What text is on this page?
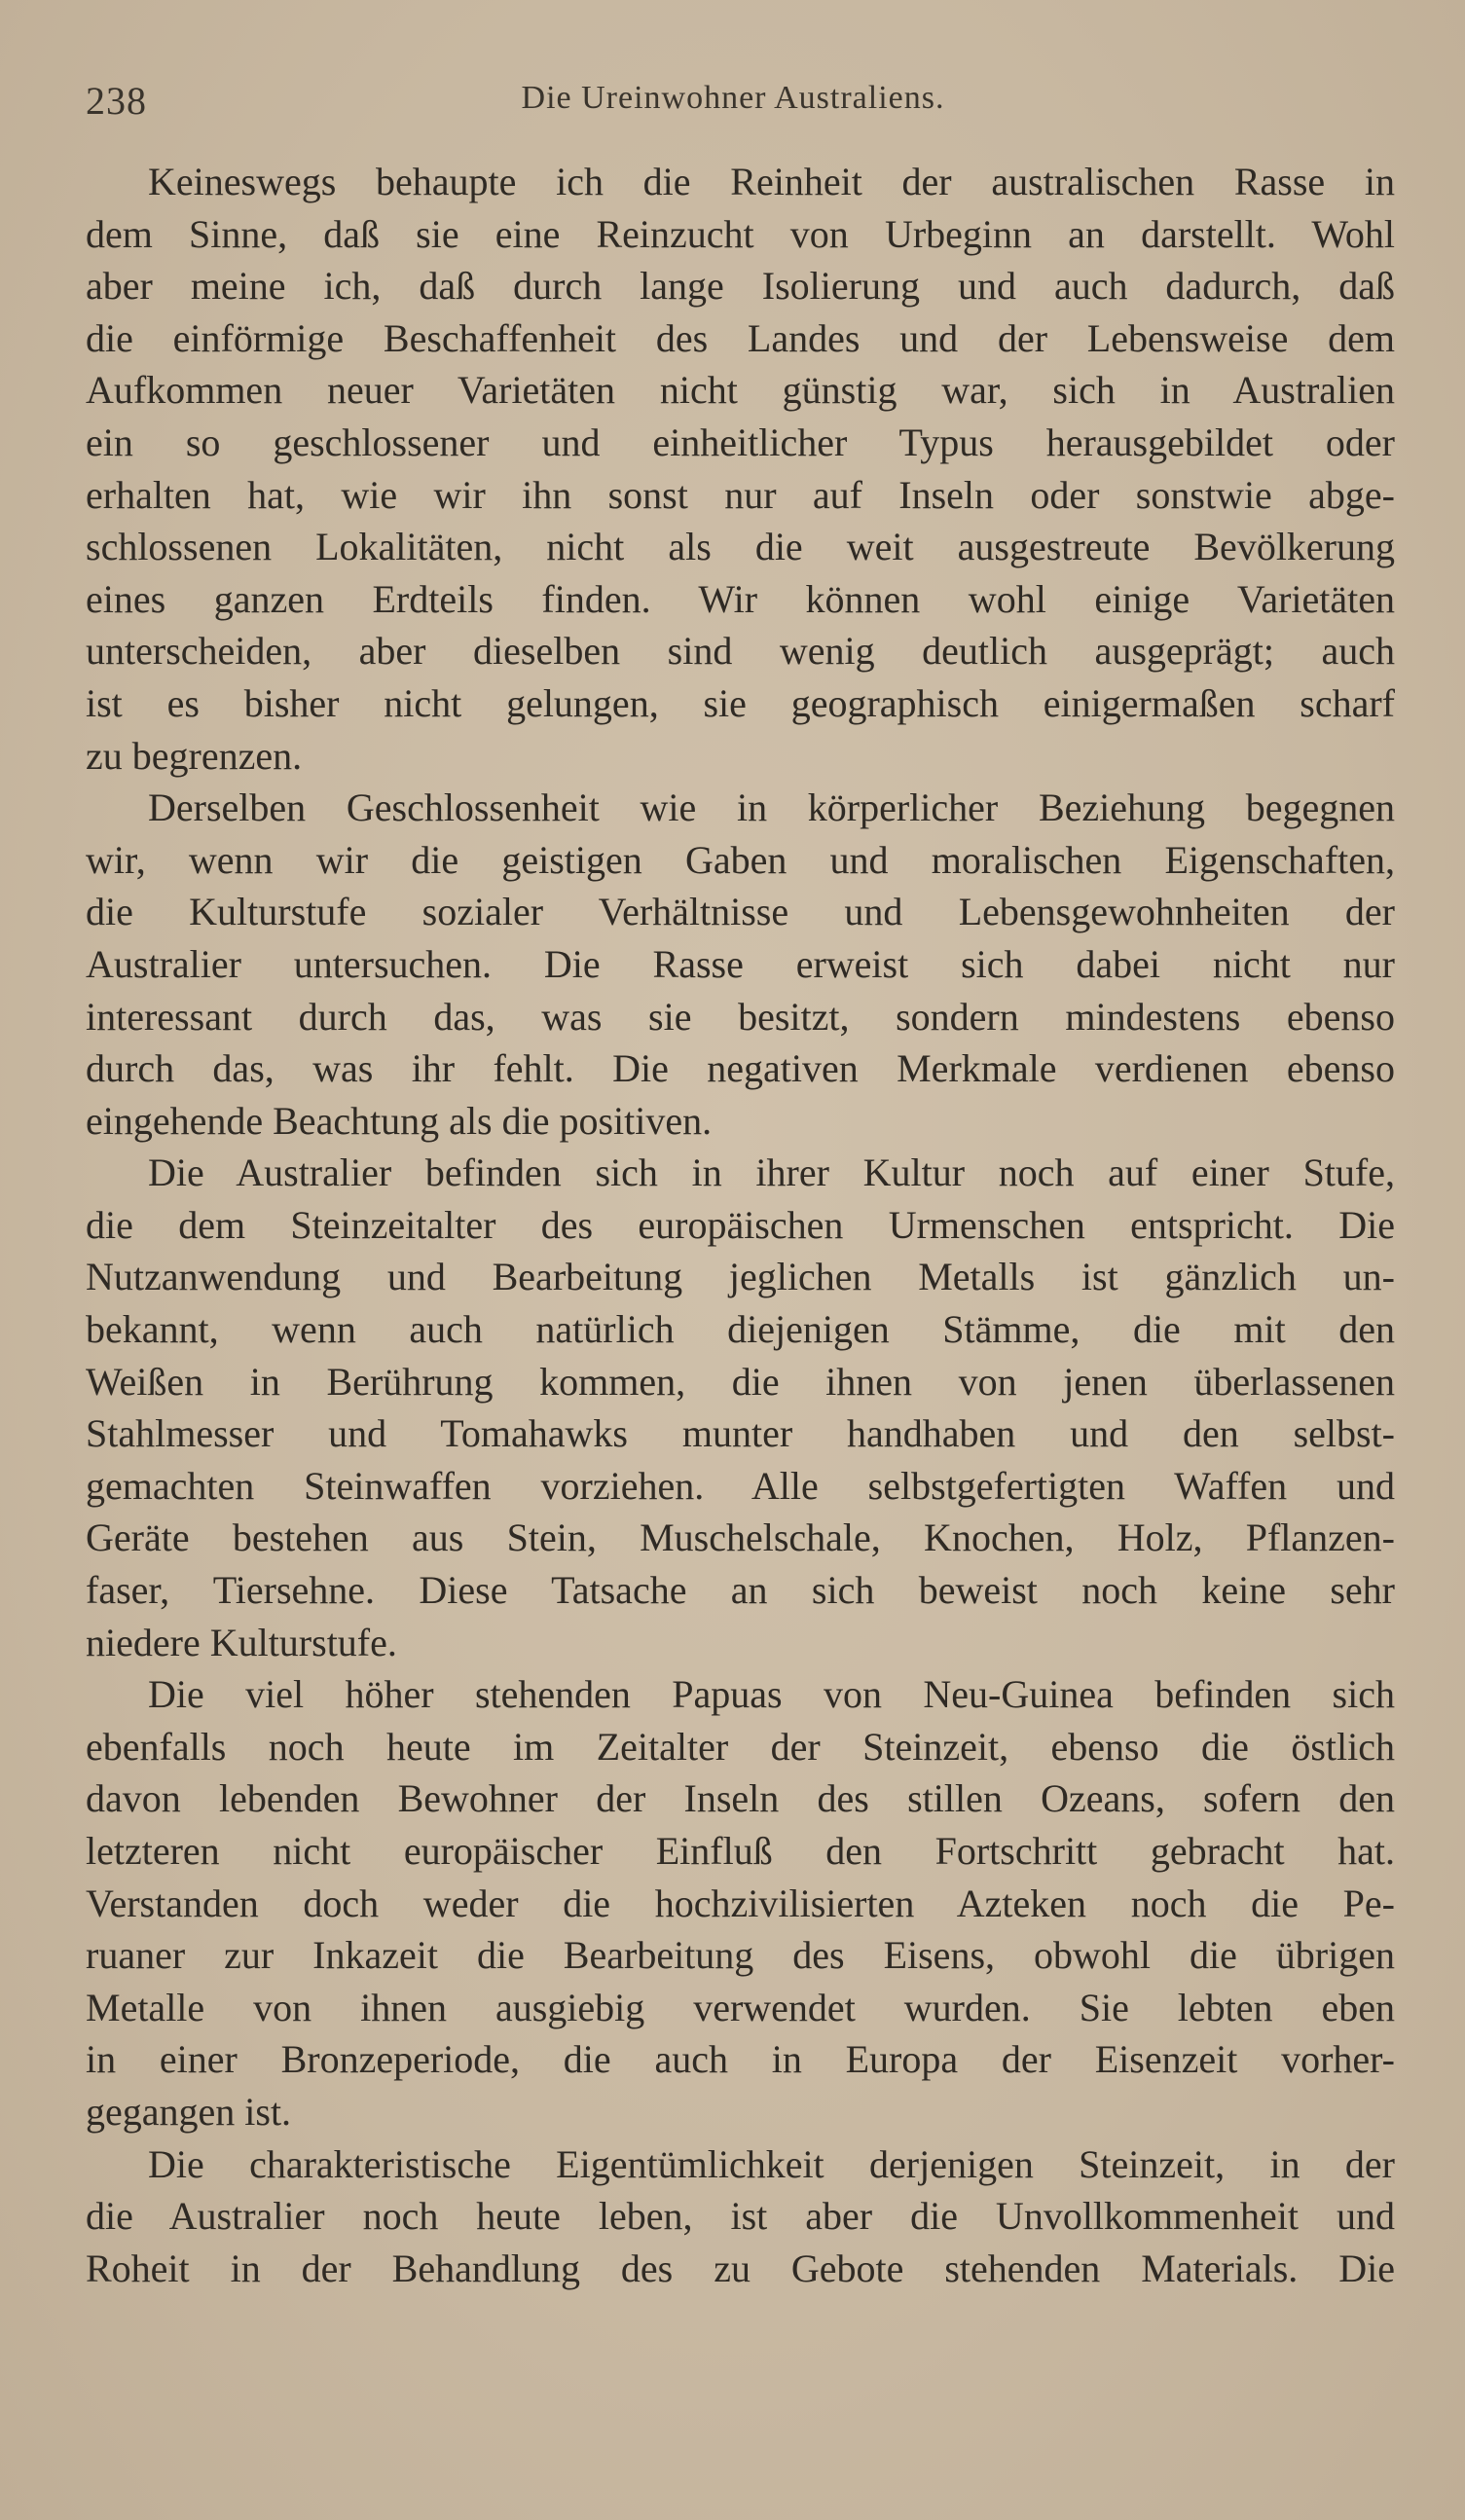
238	Die Ureinwohner Australiens.
Keineswegs behaupte ich die Reinheit der australischen Rasse in
dem Sinne, daß sie eine Reinzucht von Urbeginn an darstellt. Wohl
aber meine ich, daß durch lange Isolierung und auch dadurch, daß
die einförmige Beschaffenheit des Landes und der Lebensweise dem
Aufkommen neuer Varietäten nicht günstig war, sich in Australien
ein so geschlossener und einheitlicher Typus herausgebildet oder
erhalten hat, wie wir ihn sonst nur auf Inseln oder sonstwie abge-
schlossenen Lokalitäten, nicht als die weit ausgestreute Bevölkerung
eines ganzen Erdteils finden. Wir können wohl einige Varietäten
unterscheiden, aber dieselben sind wenig deutlich ausgeprägt; auch
ist es bisher nicht gelungen, sie geographisch einigermaßen scharf
zu begrenzen.
Derselben Geschlossenheit wie in körperlicher Beziehung begegnen
wir, wenn wir die geistigen Gaben und moralischen Eigenschaften,
die Kulturstufe sozialer Verhältnisse und Lebensgewohnheiten der
Australier untersuchen. Die Rasse erweist sich dabei nicht nur
interessant durch das, was sie besitzt, sondern mindestens ebenso
durch das, was ihr fehlt. Die negativen Merkmale verdienen ebenso
eingehende Beachtung als die positiven.
Die Australier befinden sich in ihrer Kultur noch auf einer Stufe,
die dem Steinzeitalter des europäischen Urmenschen entspricht. Die
Nutzanwendung und Bearbeitung jeglichen Metalls ist gänzlich un-
bekannt, wenn auch natürlich diejenigen Stämme, die mit den
Weißen in Berührung kommen, die ihnen von jenen überlassenen
Stahlmesser und Tomahawks munter handhaben und den selbst-
gemachten Steinwaffen vorziehen. Alle selbstgefertigten Waffen und
Geräte bestehen aus Stein, Muschelschale, Knochen, Holz, Pflanzen-
faser, Tiersehne. Diese Tatsache an sich beweist noch keine sehr
niedere Kulturstufe.
Die viel höher stehenden Papuas von Neu-Guinea befinden sich
ebenfalls noch heute im Zeitalter der Steinzeit, ebenso die östlich
davon lebenden Bewohner der Inseln des stillen Ozeans, sofern den
letzteren nicht europäischer Einfluß den Fortschritt gebracht hat.
Verstanden doch weder die hochzivilisierten Azteken noch die Pe-
ruaner zur Inkazeit die Bearbeitung des Eisens, obwohl die übrigen
Metalle von ihnen ausgiebig verwendet wurden. Sie lebten eben
in einer Bronzeperiode, die auch in Europa der Eisenzeit vorher-
gegangen ist.
Die charakteristische Eigentümlichkeit derjenigen Steinzeit, in der
die Australier noch heute leben, ist aber die Unvollkommenheit und
Roheit in der Behandlung des zu Gebote stehenden Materials. Die
